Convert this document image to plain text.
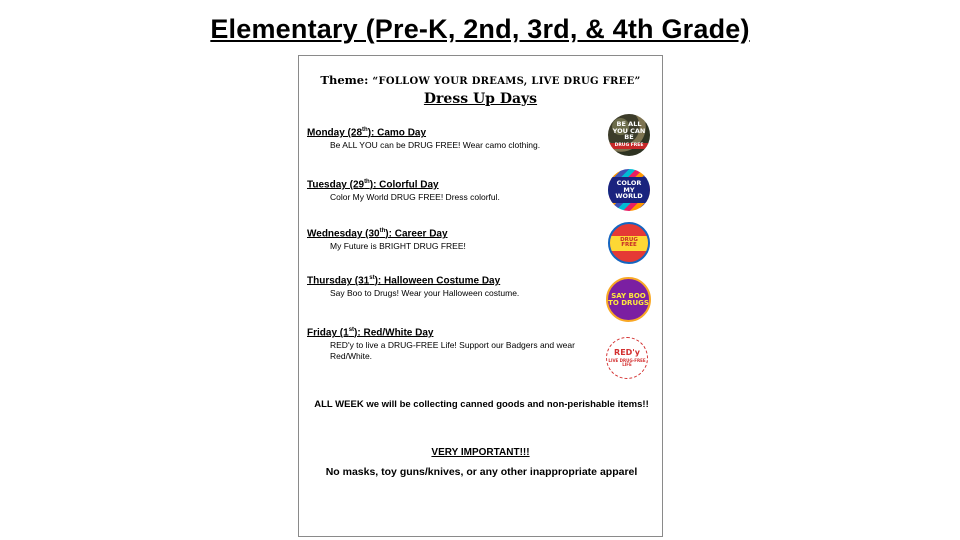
Elementary (Pre-K, 2nd, 3rd, & 4th Grade)
Theme: “FOLLOW YOUR DREAMS, LIVE DRUG FREE”
Dress Up Days
Monday (28th): Camo Day
Be ALL YOU can be DRUG FREE! Wear camo clothing.
BE ALL YOU CAN BE
DRUG FREE
Tuesday (29th): Colorful Day
Color My World DRUG FREE! Dress colorful.
COLOR MY WORLD
Wednesday (30th): Career Day
My Future is BRIGHT DRUG FREE!
DRUG FREE
Thursday (31st): Halloween Costume Day
Say Boo to Drugs! Wear your Halloween costume.	SAY BOO TO DRUGS
Friday (1st): Red/White Day
RED'y to live a DRUG-FREE Life! Support our Badgers and wear Red/White.	RED'y
LIVE DRUG-FREE LIFE
ALL WEEK we will be collecting canned goods and non-perishable items!!
VERY IMPORTANT!!!
No masks, toy guns/knives, or any other inappropriate apparel
